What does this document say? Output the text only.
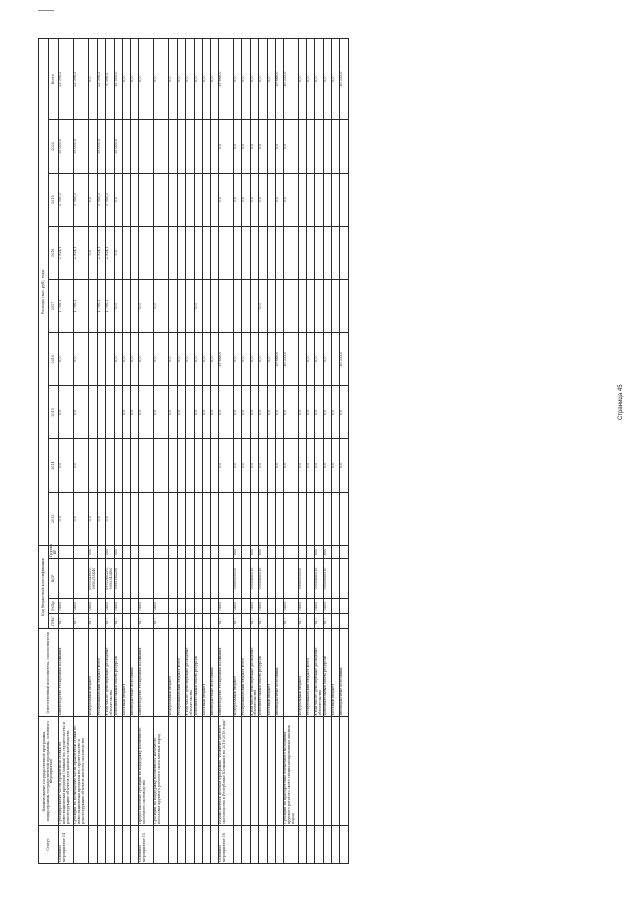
Статус	Наименование государственной программы, подпрограммы государственной программы, основного мероприятия	Ответственный исполнитель, соисполнители	Код бюджетной классификации				Расходы (тыс. руб), годы								
			ГРБС	РзПр	ЦСР	Группа ВР	2013	2014	2015	2016	2017	2018	2019	2020	Всего

Основное мероприятие 14	Субсидирование части процентной ставки по инвестиционным кредитам (займам) на строительство и реконструкцию объектов для мясного скотоводства	Министерство Республики Калмыкия	617	0405			0,0	0,0	0,0	0,0	1 706,1	2 924,1	3 768,3	15 000,0	23 398,5
	Субсидии на возмещение части процентной ставки по инвестиционным кредитам на строительство и реконструкцию объектов мясного скотоводства		617	0405			0,0	0,0	0,0	0,0	1 706,1	2 924,1	3 768,3	15 000,0	23 398,5
		Федеральный бюджет	617	0405	0950343830, 0950355440	500	0,0					0,0	0,0		0,0
		Республиканский бюджет всего					0,0				1 706,1	2 924,1	3 768,3	15 000,0	23 398,5
		в том числе: действующие расходные обязательства	617	0405	0950360250, 0950343480	500	0,0				1 706,1	2 924,1	3 768,3		8 398,5
		дополнительный объем ресурсов	617	0405	0950360250	500				0,0	0,0	0,0	0,0	15 000,0	15 000,0
		Местный бюджет							0,0	0,0					0,0
		Внебюджетные источники							0,0	0,0					0,0
Основное мероприятие 15	Предоставление субсидий на поддержку племенного молочного скотоводства	Министерство Республики Калмыкия	617	0405					0,0	0,0	0,0				0,0
	Субсидии на поддержку племенного маточного поголовья крупного рогатого скота мясных пород		617	0405					0,0	0,0	0,0				0,0
		Федеральный бюджет							0,0	0,0					0,0
		Республиканский бюджет всего							0,0	0,0					0,0
		в том числе: действующие расходные обязательства								0,0					0,0
		дополнительный объем ресурсов							0,0	0,0	0,0				0,0
		Местный бюджет							0,0	0,0					0,0
		Внебюджетные источники							0,0	0,0					0,0
Основное мероприятие 16	Ведомственная целевая программа "Развитие мясного скотоводства в Республике Калмыкия на 2016-2018 годы"	Министерство Республики Калмыкия	617	0405				0,0	0,0	39 666,0			0,0	0,0	39 666,0
		Федеральный бюджет	617	0405	0950650510	800		0,0	0,0	0,0			0,0	0,0	0,0
		Республиканский бюджет всего						0,0	0,0	0,0			0,0	0,0	0,0
		в том числе: действующие расходные обязательства	617	0405	09508R0510	800		0,0	0,0	0,0			0,0	0,0	0,0
		дополнительный объем ресурсов	617	0405	09508R0510	800		0,0	0,0	0,0	0,0		0,0	0,0	0,0
		Местный бюджет							0,0	0,0					0,0
		Внебюджетные источники						0,0	0,0	39 666,0			0,0	0,0	39 666,0
	Субсидии на приобретение племенного молодняка крупного рогатого скота специализированных мясных пород		617	0405				0,0	0,0	16 333,0			0,0	0,0	16 333,0
		Федеральный бюджет	617	0405	0950650510			0,0	0,0						0,0
		Республиканский бюджет всего						0,0	0,0	0,0					0,0
		в том числе: действующие расходные обязательства	617	0405	09508R0510	800		0,0	0,0	0,0					0,0
		дополнительный объем ресурсов	617	0405	09508R0510	800		0,0	0,0	0,0					0,0
		Местный бюджет						0,0	0,0						0,0
		Внебюджетные источники						0,0	0,0	16 333,0					16 333,0
Страница 45
